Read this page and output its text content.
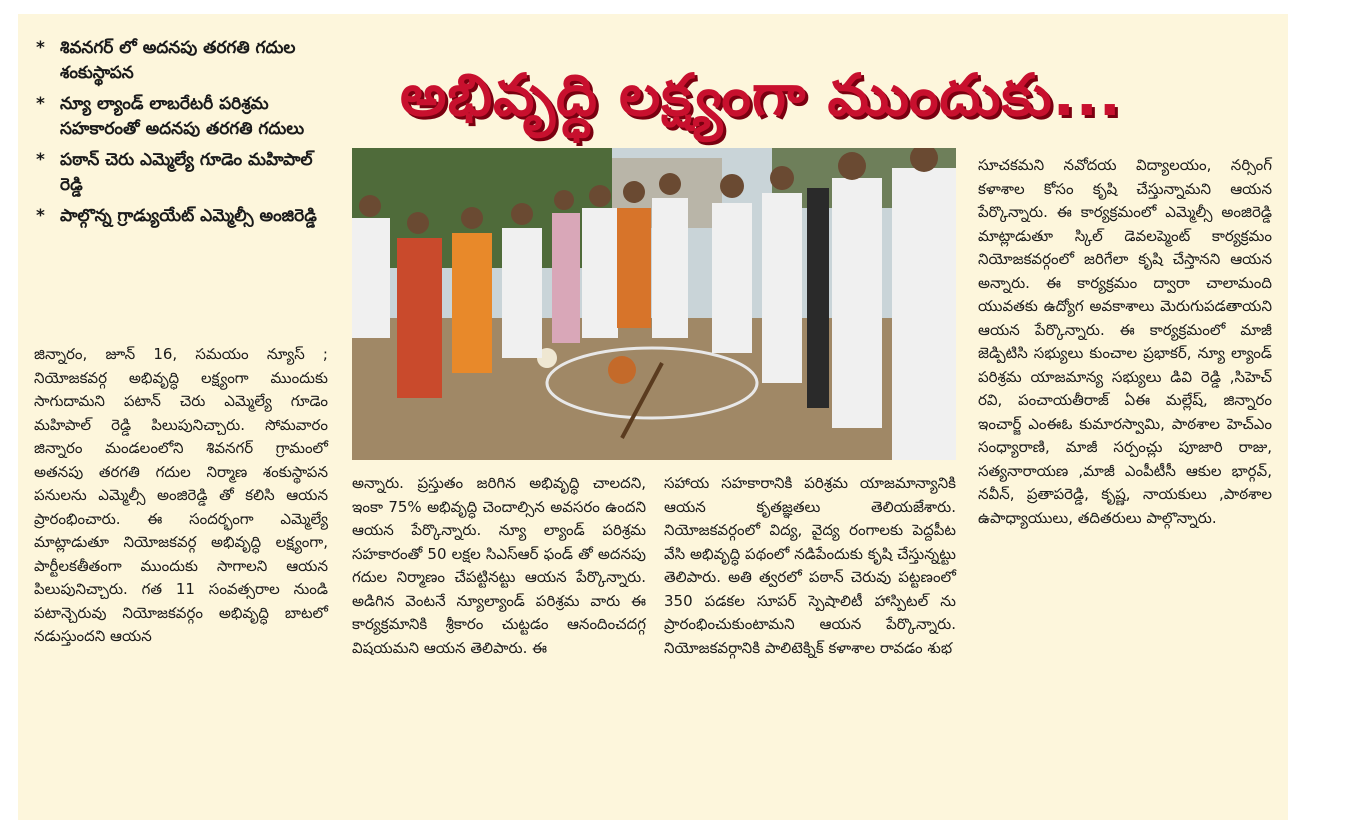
* శివనగర్ లో అదనపు తరగతి గదుల శంకుస్థాపన
* న్యూ ల్యాండ్ లాబరేటరీ పరిశ్రమ సహకారంతో అదనపు తరగతి గదులు
* పఠాన్ చెరు ఎమ్మెల్యే గూడెం మహిపాల్ రెడ్డి
* పాల్గొన్న గ్రాడ్యుయేట్ ఎమ్మెల్సీ అంజిరెడ్డి
అభివృద్ధి లక్ష్యంగా ముందుకు...

జిన్నారం, జూన్ 16, సమయం న్యూస్ ; నియోజకవర్గ అభివృద్ధి లక్ష్యంగా ముందుకు సాగుదామని పటాన్ చెరు ఎమ్మెల్యే గూడెం మహిపాల్ రెడ్డి పిలుపునిచ్చారు. సోమవారం జిన్నారం మండలంలోని శివనగర్ గ్రామంలో అతనపు తరగతి గదుల నిర్మాణ శంకుస్థాపన పనులను ఎమ్మెల్సీ అంజిరెడ్డి తో కలిసి ఆయన ప్రారంభించారు. ఈ సందర్భంగా ఎమ్మెల్యే మాట్లాడుతూ నియోజకవర్గ అభివృద్ధి లక్ష్యంగా, పార్టీలకతీతంగా ముందుకు సాగాలని ఆయన పిలుపునిచ్చారు. గత 11 సంవత్సరాల నుండి పటాన్చెరువు నియోజకవర్గం అభివృద్ధి బాటలో నడుస్తుందని ఆయన

అన్నారు. ప్రస్తుతం జరిగిన అభివృద్ధి చాలదని, ఇంకా 75% అభివృద్ధి చెందాల్సిన అవసరం ఉందని ఆయన పేర్కొన్నారు. న్యూ ల్యాండ్ పరిశ్రమ సహకారంతో 50 లక్షల సిఎస్ఆర్ ఫండ్ తో అదనపు గదుల నిర్మాణం చేపట్టినట్టు ఆయన పేర్కొన్నారు. అడిగిన వెంటనే న్యూల్యాండ్ పరిశ్రమ వారు ఈ కార్యక్రమానికి శ్రీకారం చుట్టడం ఆనందించదగ్గ విషయమని ఆయన తెలిపారు. ఈ

సహాయ సహకారానికి పరిశ్రమ యాజమాన్యానికి ఆయన కృతజ్ఞతలు తెలియజేశారు. నియోజకవర్గంలో విద్య, వైద్య రంగాలకు పెద్దపీట వేసి అభివృద్ధి పథంలో నడిపేందుకు కృషి చేస్తున్నట్టు తెలిపారు. అతి త్వరలో పఠాన్ చెరువు పట్టణంలో 350 పడకల సూపర్ స్పెషాలిటీ హాస్పిటల్ ను ప్రారంభించుకుంటామని ఆయన పేర్కొన్నారు. నియోజకవర్గానికి పాలిటెక్నిక్ కళాశాల రావడం శుభ

సూచకమని నవోదయ విద్యాలయం, నర్సింగ్ కళాశాల కోసం కృషి చేస్తున్నామని ఆయన పేర్కొన్నారు. ఈ కార్యక్రమంలో ఎమ్మెల్సీ అంజిరెడ్డి మాట్లాడుతూ స్కిల్ డెవలప్మెంట్ కార్యక్రమం నియోజకవర్గంలో జరిగేలా కృషి చేస్తానని ఆయన అన్నారు. ఈ కార్యక్రమం ద్వారా చాలామంది యువతకు ఉద్యోగ అవకాశాలు మెరుగుపడతాయని ఆయన పేర్కొన్నారు. ఈ కార్యక్రమంలో మాజీ జెడ్పిటిసి సభ్యులు కుంచాల ప్రభాకర్, న్యూ ల్యాండ్ పరిశ్రమ యాజమాన్య సభ్యులు డివి రెడ్డి ,సిహెచ్ రవి, పంచాయతీరాజ్ ఏఈ మల్లేష్, జిన్నారం ఇంచార్జ్ ఎంఈఓ కుమారస్వామి, పాఠశాల హెచ్ఎం సంధ్యారాణి, మాజీ సర్పంచ్లు పూజారి రాజు, సత్యనారాయణ ,మాజీ ఎంపీటీసీ ఆకుల భార్గవ్, నవీన్, ప్రతాపరెడ్డి, కృష్ణ, నాయకులు ,పాఠశాల ఉపాధ్యాయులు, తదితరులు పాల్గొన్నారు.
